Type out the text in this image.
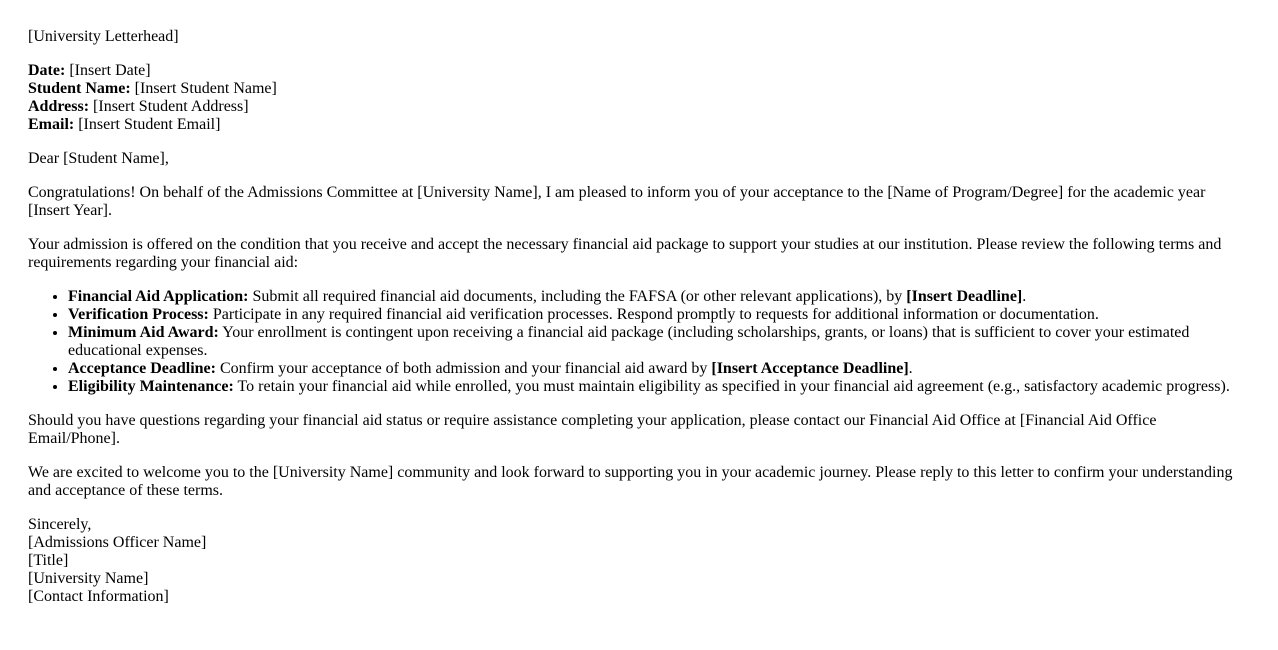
[University Letterhead]

Date: [Insert Date]
Student Name: [Insert Student Name]
Address: [Insert Student Address]
Email: [Insert Student Email]

Dear [Student Name],

Congratulations! On behalf of the Admissions Committee at [University Name], I am pleased to inform you of your acceptance to the [Name of Program/Degree] for the academic year [Insert Year].

Your admission is offered on the condition that you receive and accept the necessary financial aid package to support your studies at our institution. Please review the following terms and requirements regarding your financial aid:

• Financial Aid Application: Submit all required financial aid documents, including the FAFSA (or other relevant applications), by [Insert Deadline].
• Verification Process: Participate in any required financial aid verification processes. Respond promptly to requests for additional information or documentation.
• Minimum Aid Award: Your enrollment is contingent upon receiving a financial aid package (including scholarships, grants, or loans) that is sufficient to cover your estimated educational expenses.
• Acceptance Deadline: Confirm your acceptance of both admission and your financial aid award by [Insert Acceptance Deadline].
• Eligibility Maintenance: To retain your financial aid while enrolled, you must maintain eligibility as specified in your financial aid agreement (e.g., satisfactory academic progress).

Should you have questions regarding your financial aid status or require assistance completing your application, please contact our Financial Aid Office at [Financial Aid Office Email/Phone].

We are excited to welcome you to the [University Name] community and look forward to supporting you in your academic journey. Please reply to this letter to confirm your understanding and acceptance of these terms.

Sincerely,
[Admissions Officer Name]
[Title]
[University Name]
[Contact Information]
